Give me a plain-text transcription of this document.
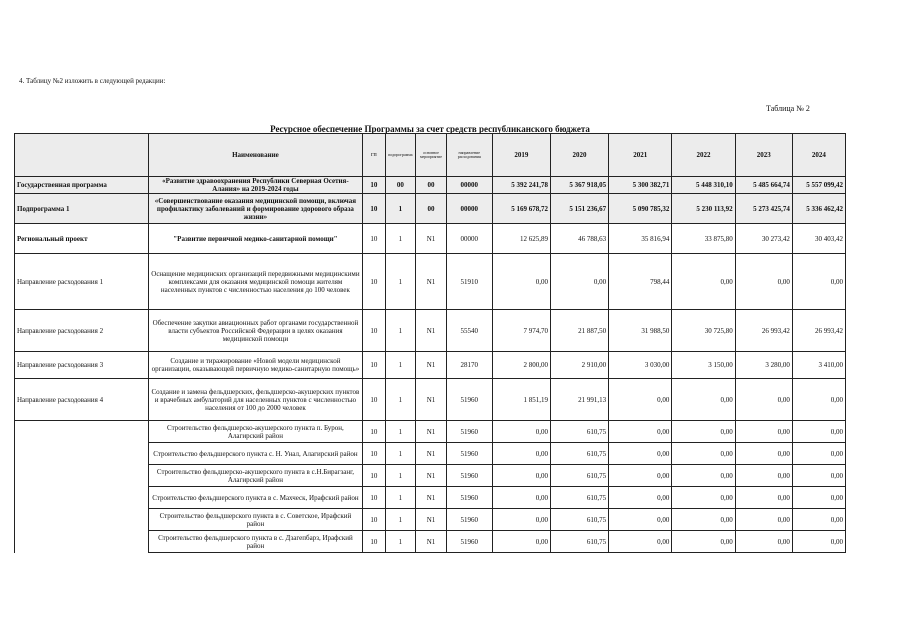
4. Таблицу №2 изложить в следующей редакции:
Таблица № 2
Ресурсное обеспечение Программы за счет средств республиканского бюджета
	Наименование	гп	подпрограмма	основное мероприятие	направление расходования	2019	2020	2021	2022	2023	2024
Государственная программа	«Развитие здравоохранения Республики Северная Осетия-Алания» на 2019-2024 годы	10	00	00	00000	5 392 241,78	5 367 918,05	5 300 382,71	5 448 310,10	5 485 664,74	5 557 099,42
Подпрограмма 1	«Совершенствование оказания медицинской помощи, включая профилактику заболеваний и формирование здорового образа жизни»	10	1	00	00000	5 169 678,72	5 151 236,67	5 090 785,32	5 230 113,92	5 273 425,74	5 336 462,42
Региональный проект	"Развитие первичной медико-санитарной помощи"	10	1	N1	00000	12 625,89	46 788,63	35 816,94	33 875,80	30 273,42	30 403,42
Направление расходования 1	Оснащение медицинских организаций передвижными медицинскими комплексами для оказания медицинской помощи жителям населенных пунктов с численностью населения до 100 человек	10	1	N1	51910	0,00	0,00	798,44	0,00	0,00	0,00
Направление расходования 2	Обеспечение закупки авиационных работ органами государственной власти субъектов Российской Федерации в целях оказания медицинской помощи	10	1	N1	55540	7 974,70	21 887,50	31 988,50	30 725,80	26 993,42	26 993,42
Направление расходования 3	Создание и тиражирование «Новой модели медицинской организации, оказывающей первичную медико-санитарную помощь»	10	1	N1	28170	2 800,00	2 910,00	3 030,00	3 150,00	3 280,00	3 410,00
Направление расходования 4	Создание и замена фельдшерских, фельдшерско-акушерских пунктов и врачебных амбулаторий для населенных пунктов с численностью населения от 100 до 2000 человек	10	1	N1	51960	1 851,19	21 991,13	0,00	0,00	0,00	0,00
	Строительство фельдшерско-акушерского пункта п. Бурон, Алагирский район	10	1	N1	51960	0,00	610,75	0,00	0,00	0,00	0,00
	Строительство фельдшерского пункта с. Н. Унал, Алагирский район	10	1	N1	51960	0,00	610,75	0,00	0,00	0,00	0,00
	Строительство фельдшерско-акушерского пункта в с.Н.Бирагзанг, Алагирский район	10	1	N1	51960	0,00	610,75	0,00	0,00	0,00	0,00
	Строительство фельдшерского пункта в с. Махческ, Ирафский район	10	1	N1	51960	0,00	610,75	0,00	0,00	0,00	0,00
	Строительство фельдшерского пункта в с. Советское, Ирафский район	10	1	N1	51960	0,00	610,75	0,00	0,00	0,00	0,00
	Строительство фельдшерского пункта в с. Дзагепбарз, Ирафский район	10	1	N1	51960	0,00	610,75	0,00	0,00	0,00	0,00
